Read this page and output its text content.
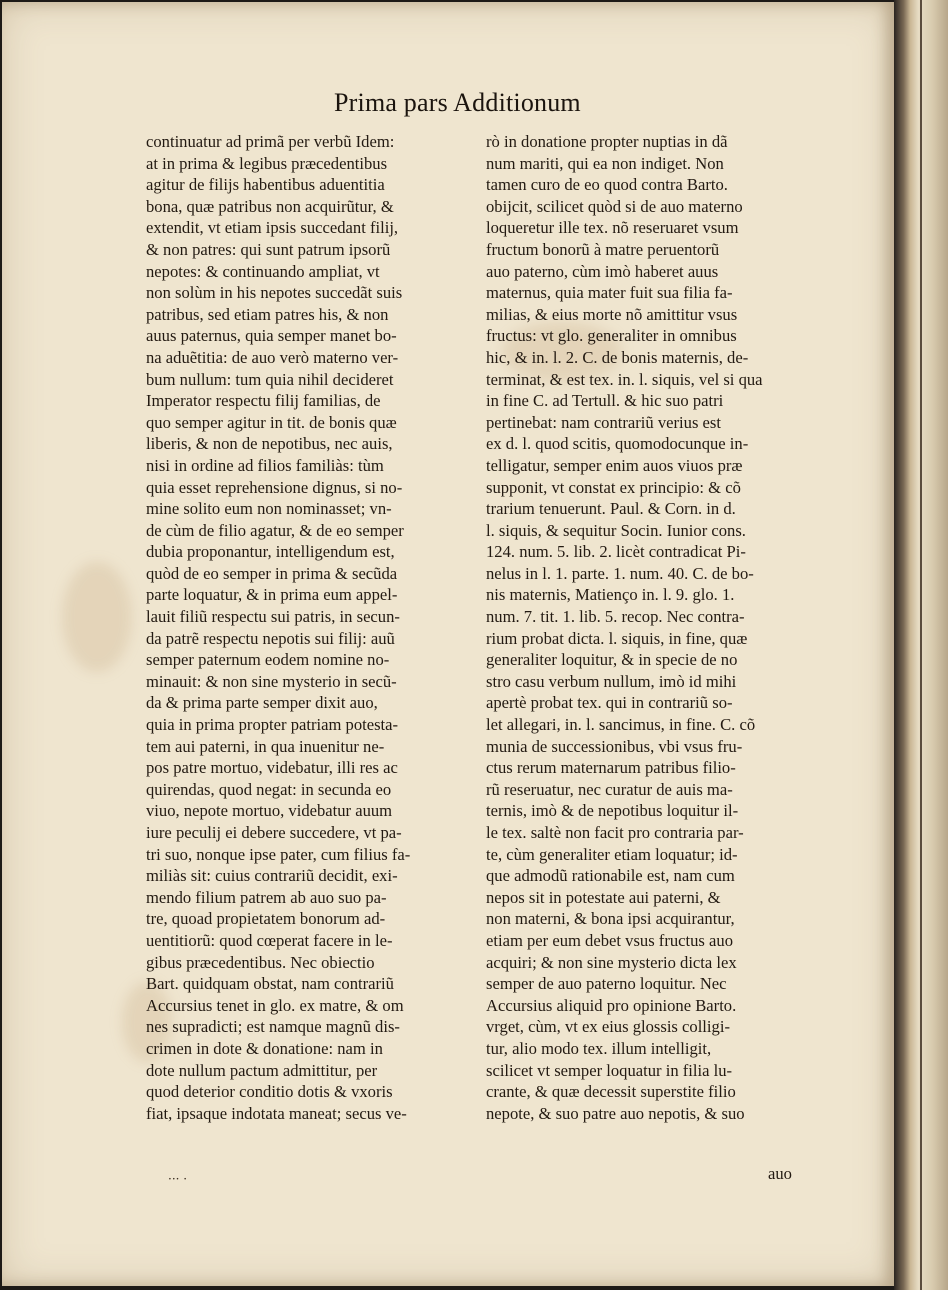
Prima pars Additionum
continuatur ad primã per verbũ Idem:
at in prima & legibus præcedentibus
agitur de filijs habentibus aduentitia
bona, quæ patribus non acquirũtur, &
extendit, vt etiam ipsis succedant filij,
& non patres: qui sunt patrum ipsorũ
nepotes: & continuando ampliat, vt
non solùm in his nepotes succedãt suis
patribus, sed etiam patres his, & non
auus paternus, quia semper manet bo-
na aduẽtitia: de auo verò materno ver-
bum nullum: tum quia nihil decideret
Imperator respectu filij familias, de
quo semper agitur in tit. de bonis quæ
liberis, & non de nepotibus, nec auis,
nisi in ordine ad filios familiàs: tùm
quia esset reprehensione dignus, si no-
mine solito eum non nominasset; vn-
de cùm de filio agatur, & de eo semper
dubia proponantur, intelligendum est,
quòd de eo semper in prima & secũda
parte loquatur, & in prima eum appel-
lauit filiũ respectu sui patris, in secun-
da patrẽ respectu nepotis sui filij: auũ
semper paternum eodem nomine no-
minauit: & non sine mysterio in secũ-
da & prima parte semper dixit auo,
quia in prima propter patriam potesta-
tem aui paterni, in qua inuenitur ne-
pos patre mortuo, videbatur, illi res ac
quirendas, quod negat: in secunda eo
viuo, nepote mortuo, videbatur auum
iure peculij ei debere succedere, vt pa-
tri suo, nonque ipse pater, cum filius fa-
miliàs sit: cuius contrariũ decidit, exi-
mendo filium patrem ab auo suo pa-
tre, quoad propietatem bonorum ad-
uentitiorũ: quod cœperat facere in le-
gibus præcedentibus. Nec obiectio
Bart. quidquam obstat, nam contrariũ
Accursius tenet in glo. ex matre, & om
nes supradicti; est namque magnũ dis-
crimen in dote & donatione: nam in
dote nullum pactum admittitur, per
quod deterior conditio dotis & vxoris
fiat, ipsaque indotata maneat; secus ve-
rò in donatione propter nuptias in dã
num mariti, qui ea non indiget. Non
tamen curo de eo quod contra Barto.
obijcit, scilicet quòd si de auo materno
loqueretur ille tex. nõ reseruaret vsum
fructum bonorũ à matre peruentorũ
auo paterno, cùm imò haberet auus
maternus, quia mater fuit sua filia fa-
milias, & eius morte nõ amittitur vsus
fructus: vt glo. generaliter in omnibus
hic, & in. l. 2. C. de bonis maternis, de-
terminat, & est tex. in. l. siquis, vel si qua
in fine C. ad Tertull. & hic suo patri
pertinebat: nam contrariũ verius est
ex d. l. quod scitis, quomodocunque in-
telligatur, semper enim auos viuos præ
supponit, vt constat ex principio: & cõ
trarium tenuerunt. Paul. & Corn. in d.
l. siquis, & sequitur Socin. Iunior cons.
124. num. 5. lib. 2. licèt contradicat Pi-
nelus in l. 1. parte. 1. num. 40. C. de bo-
nis maternis, Matienço in. l. 9. glo. 1.
num. 7. tit. 1. lib. 5. recop. Nec contra-
rium probat dicta. l. siquis, in fine, quæ
generaliter loquitur, & in specie de no
stro casu verbum nullum, imò id mihi
apertè probat tex. qui in contrariũ so-
let allegari, in. l. sancimus, in fine. C. cõ
munia de successionibus, vbi vsus fru-
ctus rerum maternarum patribus filio-
rũ reseruatur, nec curatur de auis ma-
ternis, imò & de nepotibus loquitur il-
le tex. saltè non facit pro contraria par-
te, cùm generaliter etiam loquatur; id-
que admodũ rationabile est, nam cum
nepos sit in potestate aui paterni, &
non materni, & bona ipsi acquirantur,
etiam per eum debet vsus fructus auo
acquiri; & non sine mysterio dicta lex
semper de auo paterno loquitur. Nec
Accursius aliquid pro opinione Barto.
vrget, cùm, vt ex eius glossis colligi-
tur, alio modo tex. illum intelligit,
scilicet vt semper loquatur in filia lu-
crante, & quæ decessit superstite filio
nepote, & suo patre auo nepotis, & suo
auo
··· ·
